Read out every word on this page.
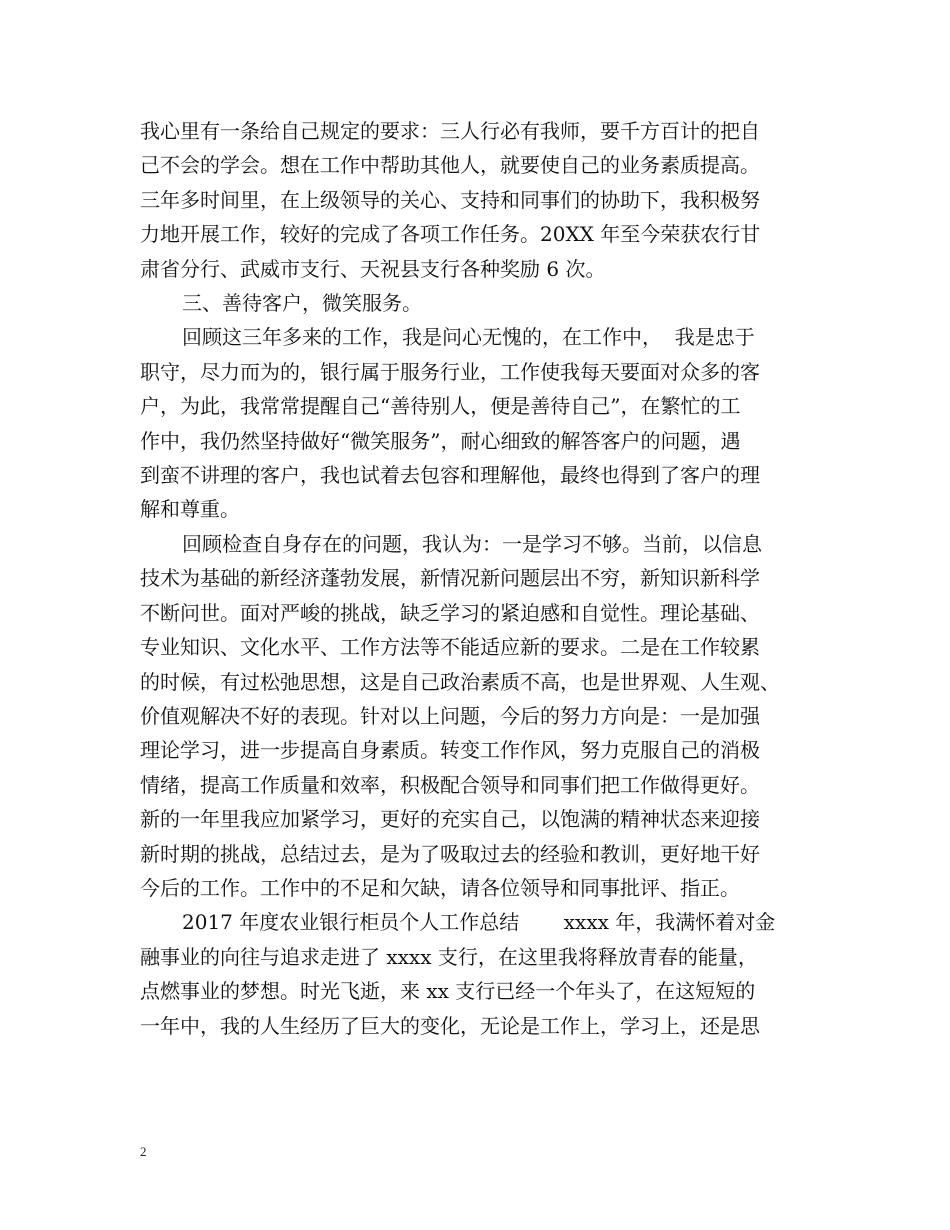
我心里有一条给自己规定的要求：三人行必有我师，要千方百计的把自
己不会的学会。想在工作中帮助其他人，就要使自己的业务素质提高。
三年多时间里，在上级领导的关心、支持和同事们的协助下，我积极努
力地开展工作，较好的完成了各项工作任务。20XX 年至今荣获农行甘
肃省分行、武威市支行、天祝县支行各种奖励 6 次。

三、善待客户，微笑服务。

回顾这三年多来的工作，我是问心无愧的，在工作中，  我是忠于
职守，尽力而为的，银行属于服务行业，工作使我每天要面对众多的客
户，为此，我常常提醒自己“善待别人，便是善待自己”，在繁忙的工
作中，我仍然坚持做好“微笑服务”，耐心细致的解答客户的问题，遇
到蛮不讲理的客户，我也试着去包容和理解他，最终也得到了客户的理
解和尊重。

回顾检查自身存在的问题，我认为：一是学习不够。当前，以信息
技术为基础的新经济蓬勃发展，新情况新问题层出不穷，新知识新科学
不断问世。面对严峻的挑战，缺乏学习的紧迫感和自觉性。理论基础、
专业知识、文化水平、工作方法等不能适应新的要求。二是在工作较累
的时候，有过松弛思想，这是自己政治素质不高，也是世界观、人生观、
价值观解决不好的表现。针对以上问题，今后的努力方向是：一是加强
理论学习，进一步提高自身素质。转变工作作风，努力克服自己的消极
情绪，提高工作质量和效率，积极配合领导和同事们把工作做得更好。
新的一年里我应加紧学习，更好的充实自己，以饱满的精神状态来迎接
新时期的挑战，总结过去，是为了吸取过去的经验和教训，更好地干好
今后的工作。工作中的不足和欠缺，请各位领导和同事批评、指正。

2017 年度农业银行柜员个人工作总结       xxxx 年，我满怀着对金
融事业的向往与追求走进了 xxxx 支行，在这里我将释放青春的能量，
点燃事业的梦想。时光飞逝，来 xx 支行已经一个年头了，在这短短的
一年中，我的人生经历了巨大的变化，无论是工作上，学习上，还是思

2
